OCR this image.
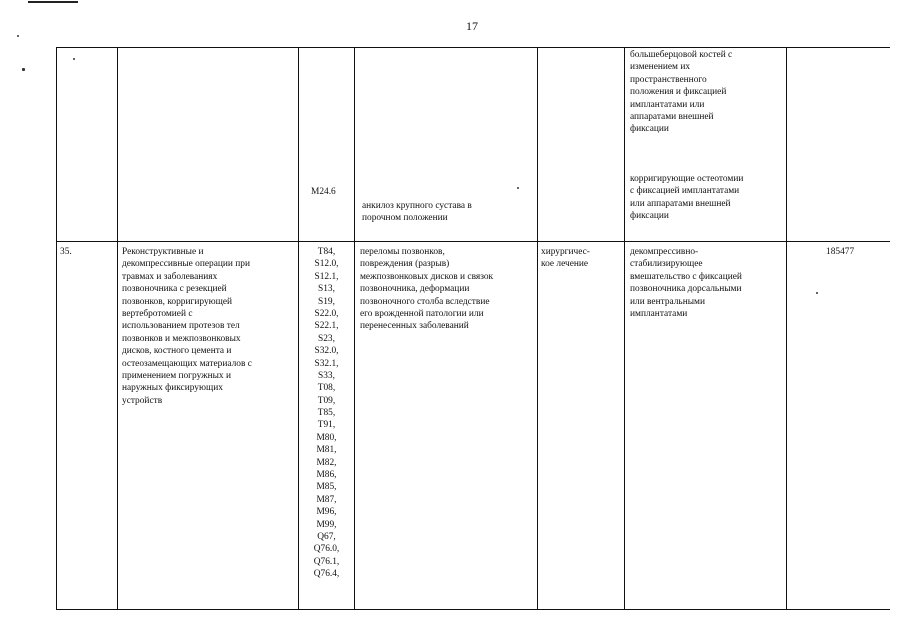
17
большеберцовой костей с
изменением их
пространственного
положения и фиксацией
имплантатами или
аппаратами внешней
фиксации
корригирующие остеотомии
с фиксацией имплантатами
или аппаратами внешней
фиксации
M24.6
анкилоз крупного сустава в
порочном положении
35.	Реконструктивные и
декомпрессивные операции при
травмах и заболеваниях
позвоночника с резекцией
позвонков, корригирующей
вертебротомией с
использованием протезов тел
позвонков и межпозвонковых
дисков, костного цемента и
остеозамещающих материалов с
применением погружных и
наружных фиксирующих
устройств
T84,
S12.0,
S12.1,
S13,
S19,
S22.0,
S22.1,
S23,
S32.0,
S32.1,
S33,
T08,
T09,
T85,
T91,
M80,
M81,
M82,
M86,
M85,
M87,
M96,
M99,
Q67,
Q76.0,
Q76.1,
Q76.4,
переломы позвонков,
повреждения (разрыв)
межпозвонковых дисков и связок
позвоночника, деформации
позвоночного столба вследствие
его врожденной патологии или
перенесенных заболеваний
хирургичес-
кое лечение
декомпрессивно-
стабилизирующее
вмешательство с фиксацией
позвоночника дорсальными
или вентральными
имплантатами
185477
